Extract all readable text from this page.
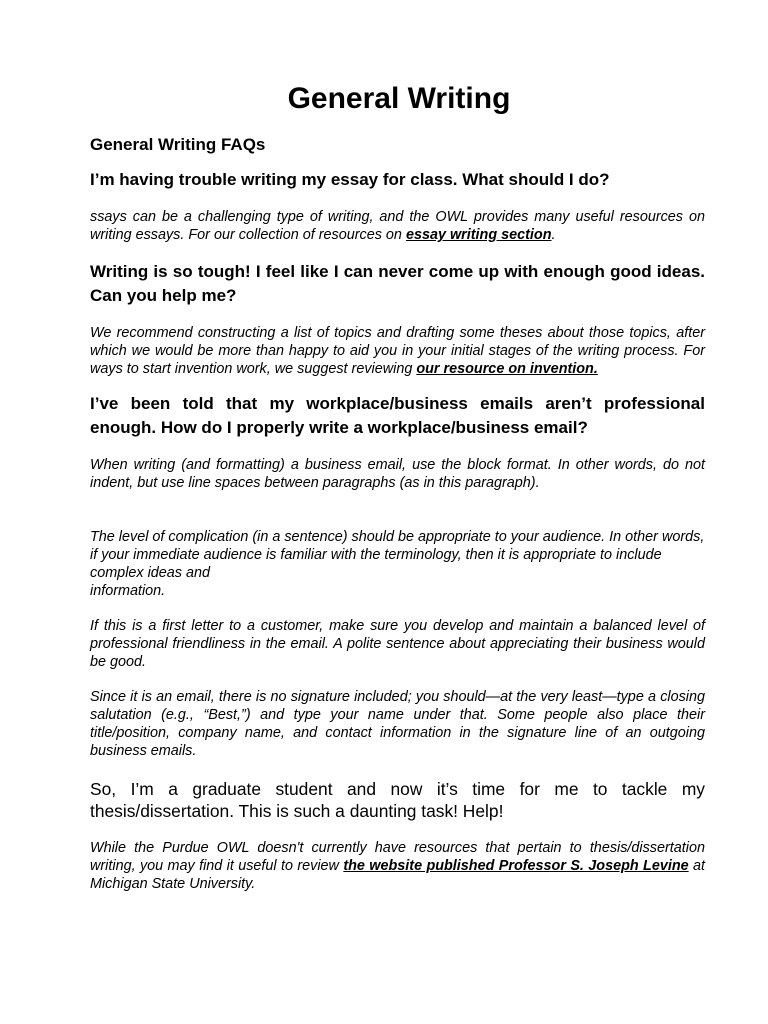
General Writing

General Writing FAQs

I’m having trouble writing my essay for class. What should I do?

ssays can be a challenging type of writing, and the OWL provides many useful resources on writing essays. For our collection of resources on essay writing section.

Writing is so tough! I feel like I can never come up with enough good ideas. Can you help me?

We recommend constructing a list of topics and drafting some theses about those topics, after which we would be more than happy to aid you in your initial stages of the writing process. For ways to start invention work, we suggest reviewing our resource on invention.

I’ve been told that my workplace/business emails aren’t professional enough. How do I properly write a workplace/business email?

When writing (and formatting) a business email, use the block format. In other words, do not indent, but use line spaces between paragraphs (as in this paragraph).

The level of complication (in a sentence) should be appropriate to your audience. In other words, if your immediate audience is familiar with the terminology, then it is appropriate to include complex ideas and
information.

If this is a first letter to a customer, make sure you develop and maintain a balanced level of professional friendliness in the email. A polite sentence about appreciating their business would be good.

Since it is an email, there is no signature included; you should—at the very least—type a closing salutation (e.g., “Best,”) and type your name under that. Some people also place their title/position, company name, and contact information in the signature line of an outgoing business emails.

So, I’m a graduate student and now it’s time for me to tackle my thesis/dissertation. This is such a daunting task! Help!

While the Purdue OWL doesn't currently have resources that pertain to thesis/dissertation writing, you may find it useful to review the website published Professor S. Joseph Levine at Michigan State University.
